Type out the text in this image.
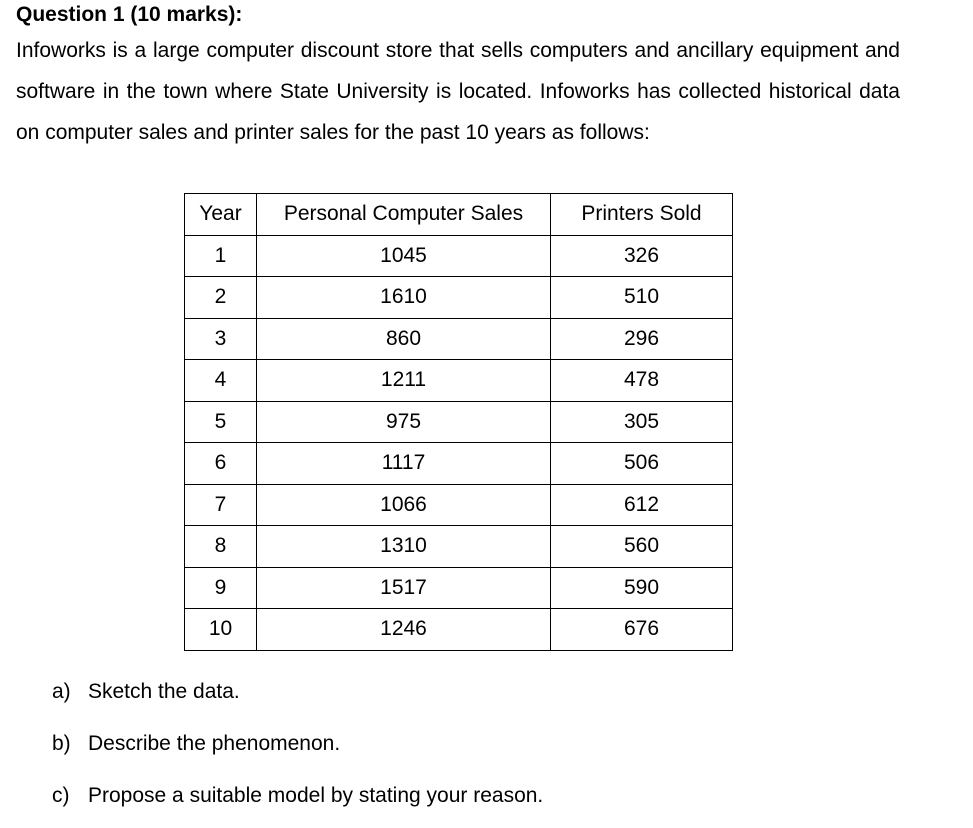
Question 1 (10 marks):
Infoworks is a large computer discount store that sells computers and ancillary equipment and software in the town where State University is located. Infoworks has collected historical data on computer sales and printer sales for the past 10 years as follows:
Year	Personal Computer Sales	Printers Sold
1	1045	326
2	1610	510
3	860	296
4	1211	478
5	975	305
6	1117	506
7	1066	612
8	1310	560
9	1517	590
10	1246	676
a) Sketch the data.
b) Describe the phenomenon.
c) Propose a suitable model by stating your reason.
